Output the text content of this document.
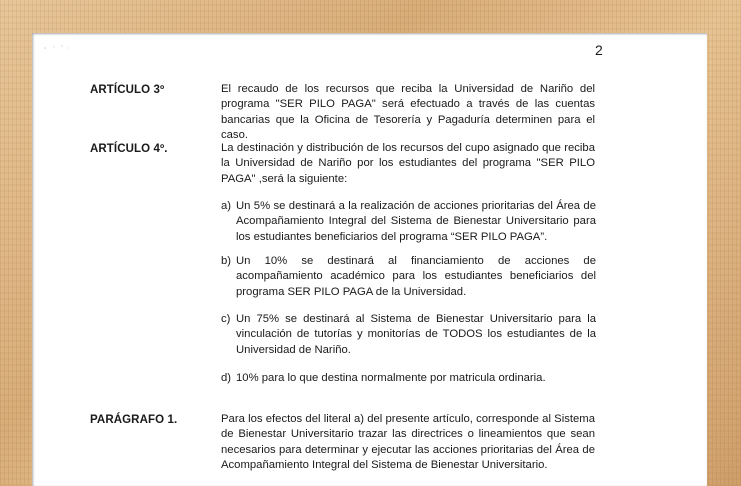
2
ARTÍCULO 3º	El recaudo de los recursos que reciba la Universidad de Nariño del programa "SER PILO PAGA" será efectuado a través de las cuentas bancarias que la Oficina de Tesorería y Pagaduría determinen para el caso.
ARTÍCULO 4º.	La destinación y distribución de los recursos del cupo asignado que reciba la Universidad de Nariño por los estudiantes del programa "SER PILO PAGA" ,será la siguiente:
a) Un 5% se destinará a la realización de acciones prioritarias del Área de Acompañamiento Integral del Sistema de Bienestar Universitario para los estudiantes beneficiarios del programa “SER PILO PAGA”.
b) Un 10% se destinará al financiamiento de acciones de acompañamiento académico para los estudiantes beneficiarios del programa SER PILO PAGA de la Universidad.
c) Un 75% se destinará al Sistema de Bienestar Universitario para la vinculación de tutorías y monitorías de TODOS los estudiantes de la Universidad de Nariño.
d) 10% para lo que destina normalmente por matricula ordinaria.
PARÁGRAFO 1.	Para los efectos del literal a) del presente artículo, corresponde al Sistema de Bienestar Universitario trazar las directrices o lineamientos que sean necesarios para determinar y ejecutar las acciones prioritarias del Área de Acompañamiento Integral del Sistema de Bienestar Universitario.
